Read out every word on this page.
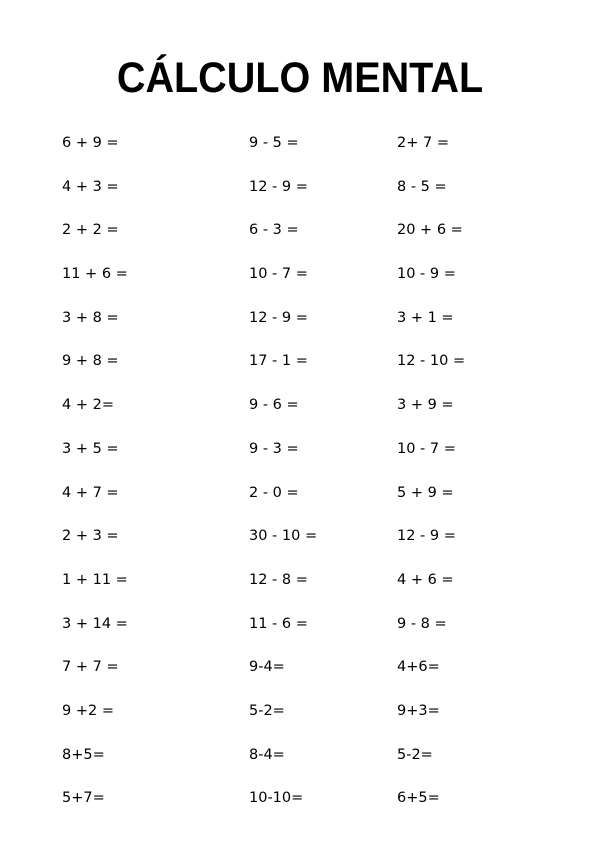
CÁLCULO MENTAL
6 + 9 =
4 + 3 =
2 + 2 =
11 + 6 =
3 + 8 =
9 + 8 =
4 + 2=
3 + 5 =
4 + 7 =
2 + 3 =
1 + 11 =
3 + 14 =
7 + 7 =
9 +2 =
8+5=
5+7=
9 - 5 =
12 - 9 =
6 - 3 =
10 - 7 =
12 - 9 =
17 - 1 =
9 - 6 =
9 - 3 =
2 - 0 =
30 - 10 =
12 - 8 =
11 - 6 =
9-4=
5-2=
8-4=
10-10=
2+ 7 =
8 - 5 =
20 + 6 =
10 - 9 =
3 + 1 =
12 - 10 =
3 + 9 =
10 - 7 =
5 + 9 =
12 - 9 =
4 + 6 =
9 - 8 =
4+6=
9+3=
5-2=
6+5=
